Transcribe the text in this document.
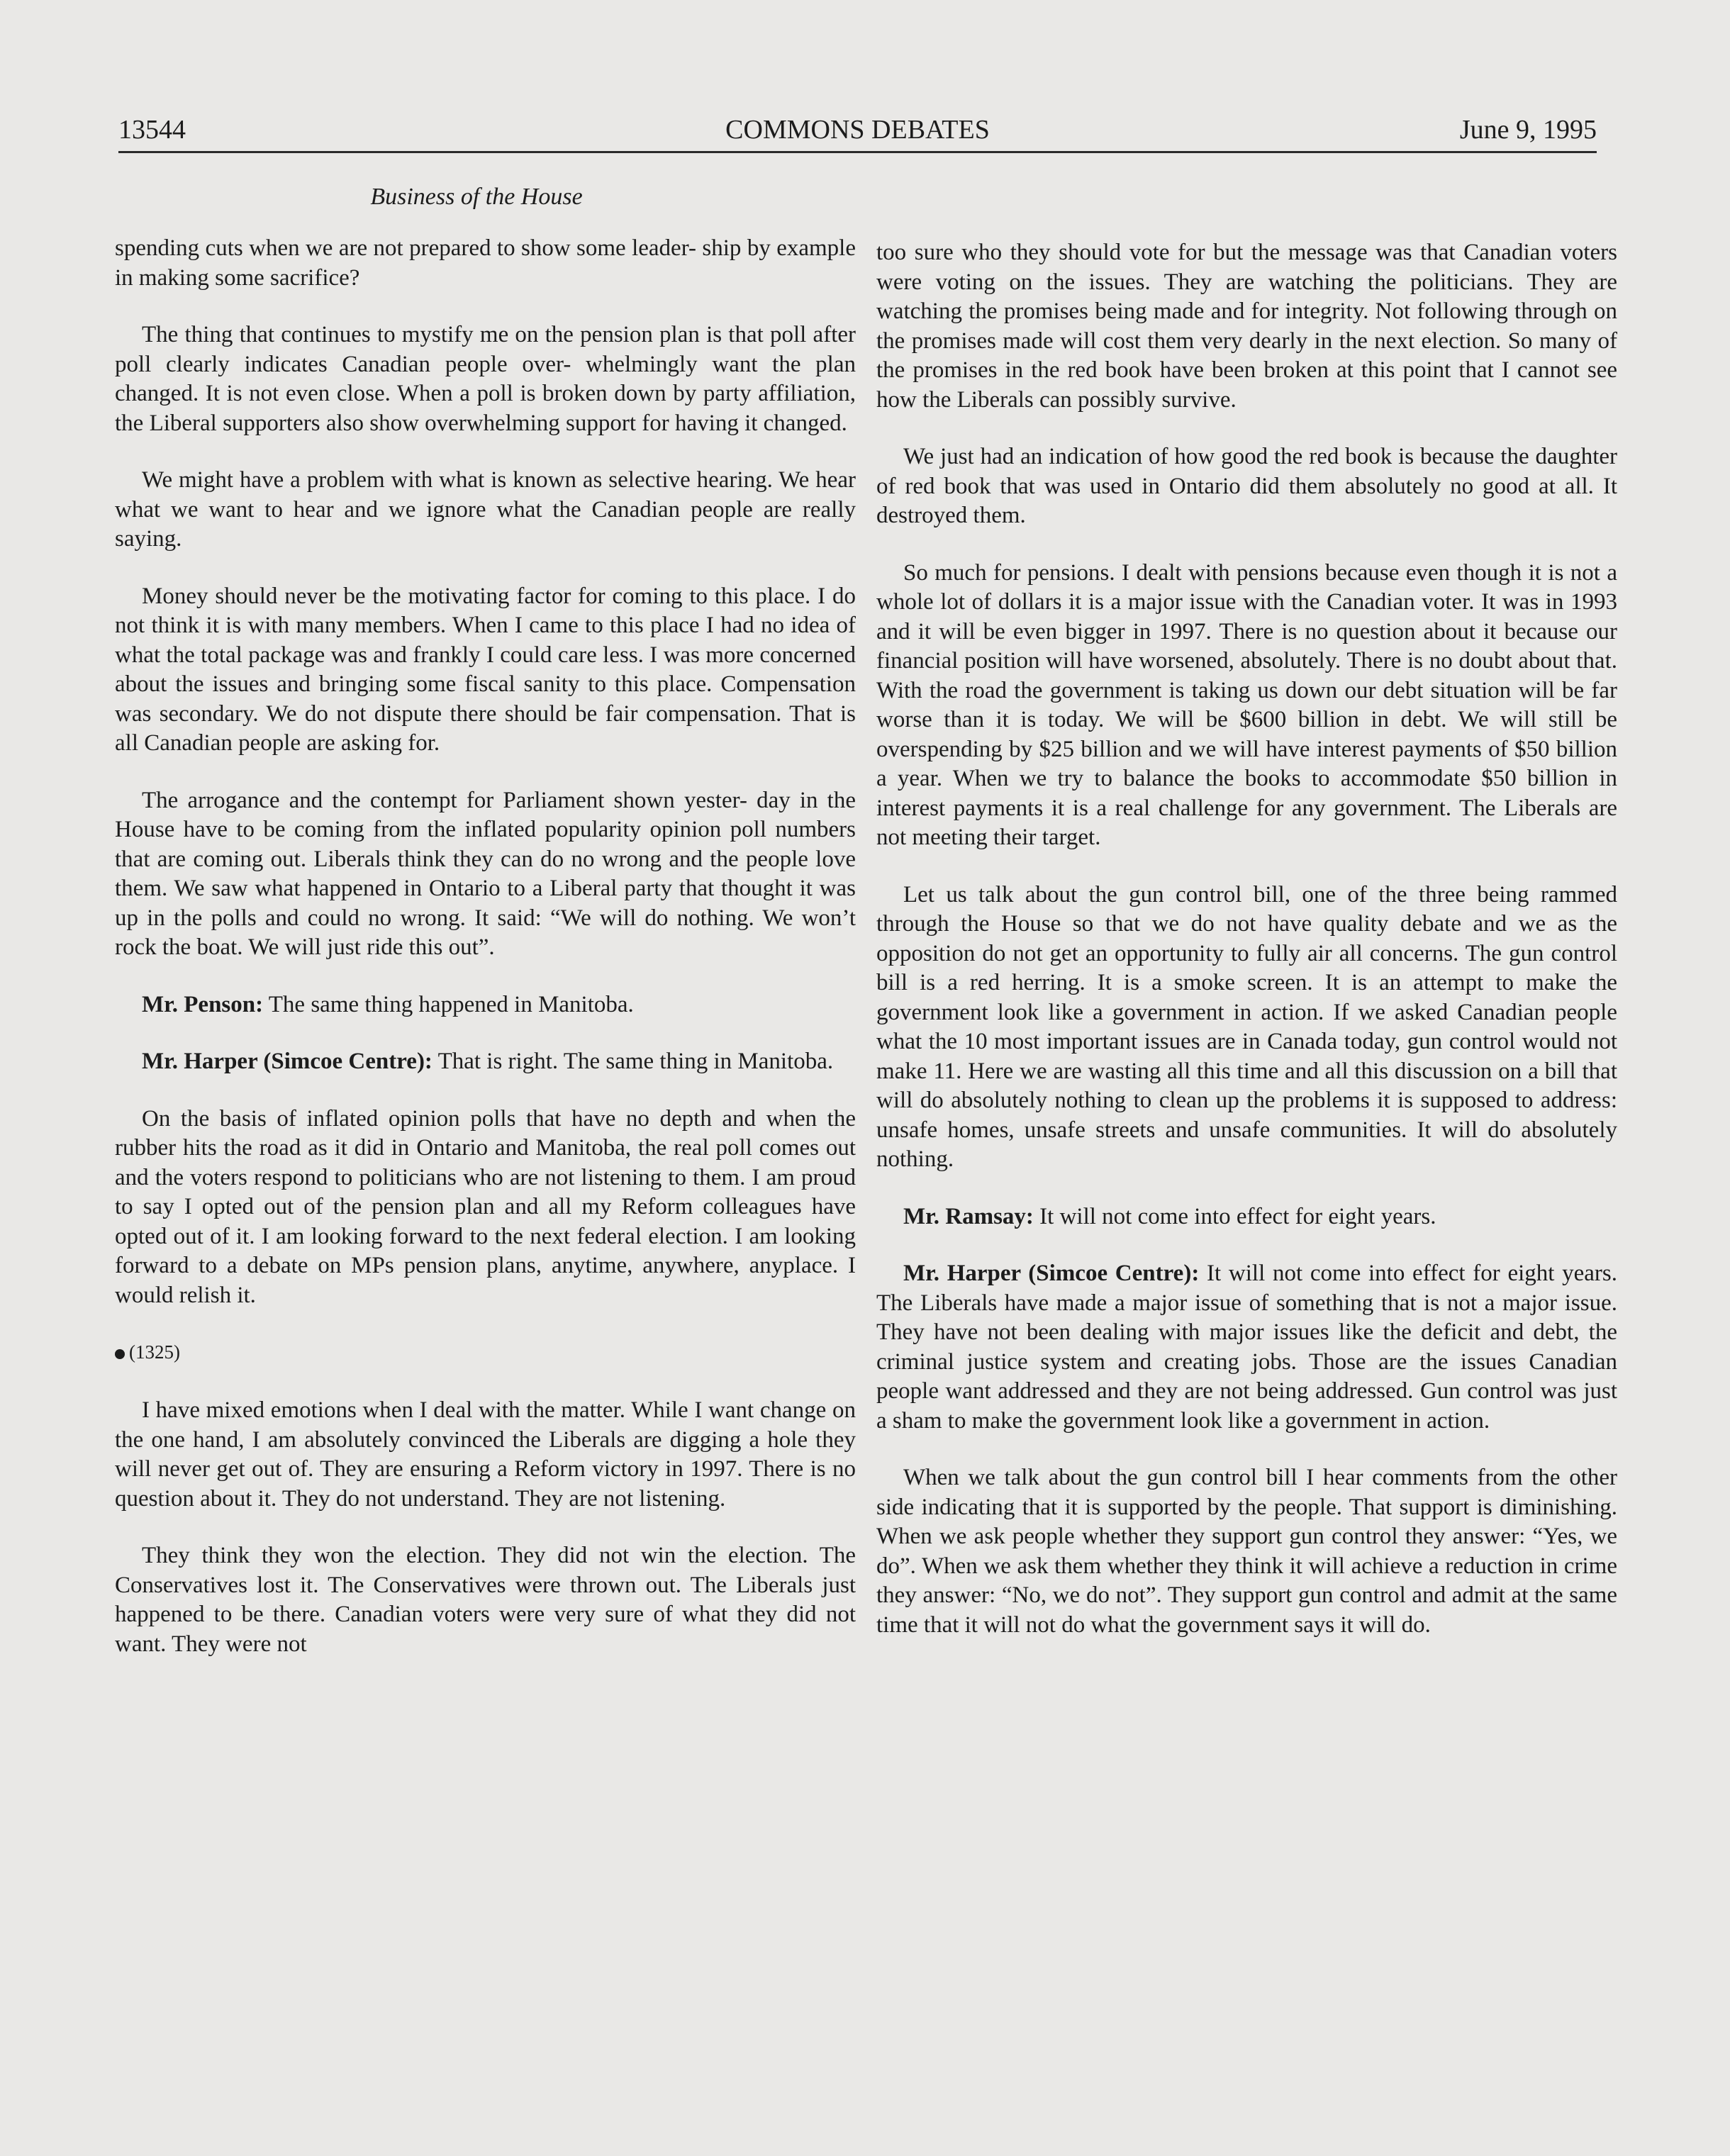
COMMONS DEBATES
13544	June 9, 1995
Business of the House

spending cuts when we are not prepared to show some leader- ship by example in making some sacrifice?

The thing that continues to mystify me on the pension plan is that poll after poll clearly indicates Canadian people over- whelmingly want the plan changed. It is not even close. When a poll is broken down by party affiliation, the Liberal supporters also show overwhelming support for having it changed.

We might have a problem with what is known as selective hearing. We hear what we want to hear and we ignore what the Canadian people are really saying.

Money should never be the motivating factor for coming to this place. I do not think it is with many members. When I came to this place I had no idea of what the total package was and frankly I could care less. I was more concerned about the issues and bringing some fiscal sanity to this place. Compensation was secondary. We do not dispute there should be fair compensation. That is all Canadian people are asking for.

The arrogance and the contempt for Parliament shown yester- day in the House have to be coming from the inflated popularity opinion poll numbers that are coming out. Liberals think they can do no wrong and the people love them. We saw what happened in Ontario to a Liberal party that thought it was up in the polls and could no wrong. It said: “We will do nothing. We won’t rock the boat. We will just ride this out”.

Mr. Penson: The same thing happened in Manitoba.

Mr. Harper (Simcoe Centre): That is right. The same thing in Manitoba.

On the basis of inflated opinion polls that have no depth and when the rubber hits the road as it did in Ontario and Manitoba, the real poll comes out and the voters respond to politicians who are not listening to them. I am proud to say I opted out of the pension plan and all my Reform colleagues have opted out of it. I am looking forward to the next federal election. I am looking forward to a debate on MPs pension plans, anytime, anywhere, anyplace. I would relish it.

(1325)

I have mixed emotions when I deal with the matter. While I want change on the one hand, I am absolutely convinced the Liberals are digging a hole they will never get out of. They are ensuring a Reform victory in 1997. There is no question about it. They do not understand. They are not listening.

They think they won the election. They did not win the election. The Conservatives lost it. The Conservatives were thrown out. The Liberals just happened to be there. Canadian voters were very sure of what they did not want. They were not

too sure who they should vote for but the message was that Canadian voters were voting on the issues. They are watching the politicians. They are watching the promises being made and for integrity. Not following through on the promises made will cost them very dearly in the next election. So many of the promises in the red book have been broken at this point that I cannot see how the Liberals can possibly survive.

We just had an indication of how good the red book is because the daughter of red book that was used in Ontario did them absolutely no good at all. It destroyed them.

So much for pensions. I dealt with pensions because even though it is not a whole lot of dollars it is a major issue with the Canadian voter. It was in 1993 and it will be even bigger in 1997. There is no question about it because our financial position will have worsened, absolutely. There is no doubt about that. With the road the government is taking us down our debt situation will be far worse than it is today. We will be $600 billion in debt. We will still be overspending by $25 billion and we will have interest payments of $50 billion a year. When we try to balance the books to accommodate $50 billion in interest payments it is a real challenge for any government. The Liberals are not meeting their target.

Let us talk about the gun control bill, one of the three being rammed through the House so that we do not have quality debate and we as the opposition do not get an opportunity to fully air all concerns. The gun control bill is a red herring. It is a smoke screen. It is an attempt to make the government look like a government in action. If we asked Canadian people what the 10 most important issues are in Canada today, gun control would not make 11. Here we are wasting all this time and all this discussion on a bill that will do absolutely nothing to clean up the problems it is supposed to address: unsafe homes, unsafe streets and unsafe communities. It will do absolutely nothing.

Mr. Ramsay: It will not come into effect for eight years.

Mr. Harper (Simcoe Centre): It will not come into effect for eight years. The Liberals have made a major issue of something that is not a major issue. They have not been dealing with major issues like the deficit and debt, the criminal justice system and creating jobs. Those are the issues Canadian people want addressed and they are not being addressed. Gun control was just a sham to make the government look like a government in action.

When we talk about the gun control bill I hear comments from the other side indicating that it is supported by the people. That support is diminishing. When we ask people whether they support gun control they answer: “Yes, we do”. When we ask them whether they think it will achieve a reduction in crime they answer: “No, we do not”. They support gun control and admit at the same time that it will not do what the government says it will do.
